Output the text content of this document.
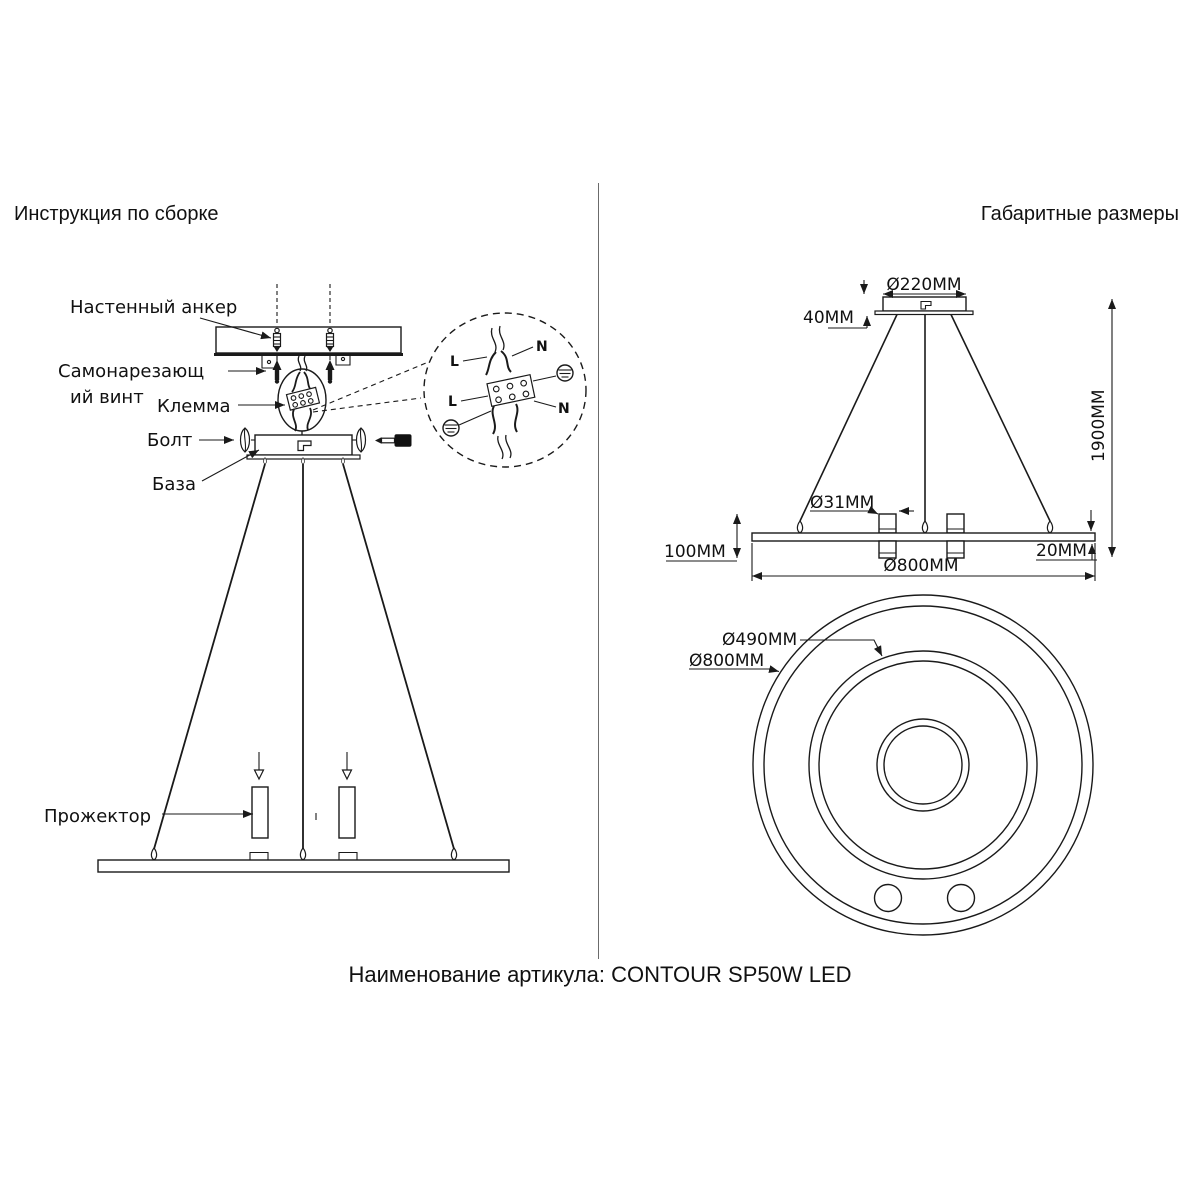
Инструкция по сборке	Габаритные размеры
Наименование артикула: CONTOUR SP50W LED
Настенный анкер
Самонарезающ
ий винт Клемма
Болт
База
Прожектор
L
N
L	N
Ø220MM
40MM
1900MM
Ø31MM
100MM	20MM
Ø800MM
Ø490MM
Ø800MM
